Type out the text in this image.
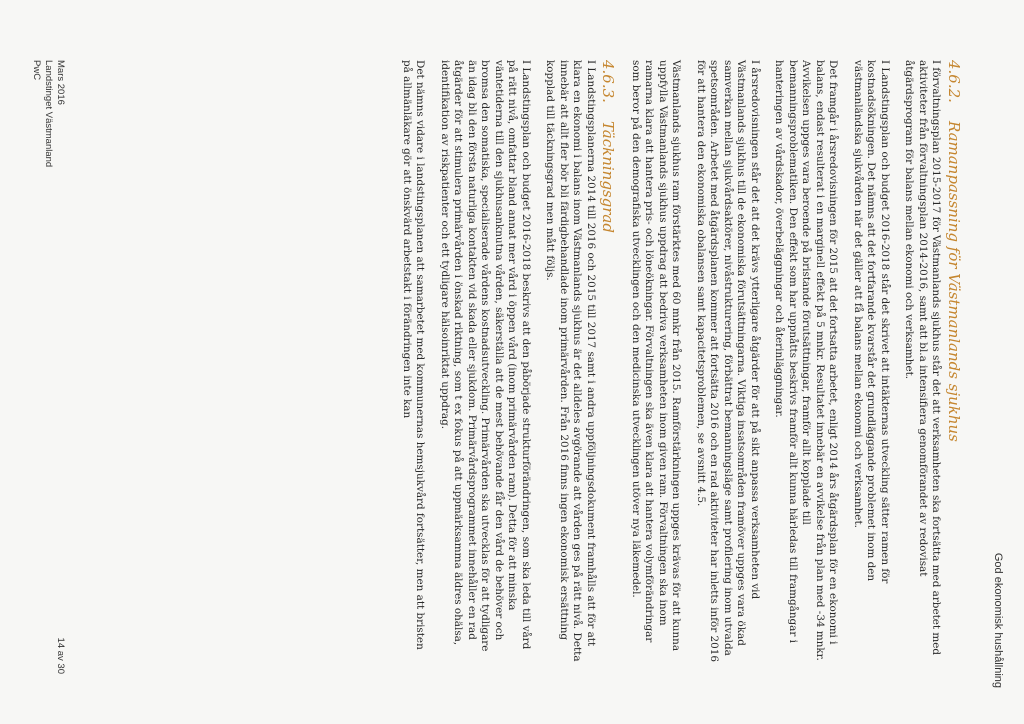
God ekonomisk hushållning
4.6.2.Ramanpassning för Västmanlands sjukhus

I förvaltningsplan 2015-2017 för Västmanlands sjukhus står det att verksamheten ska fortsätta med arbetet med aktiviteter från förvaltningsplan 2014-2016, samt att bl.a intensifiera genomförandet av redovisat åtgärdsprogram för balans mellan ekonomi och verksamhet.

I Landstingsplan och budget 2016-2018 står det skrivet att intäkternas utveckling sätter ramen för kostnadsökningen. Det nämns att det fortfarande kvarstår det grundläggande problemet inom den västmanländska sjukvården när det gäller att få balans mellan ekonomi och verksamhet.

Det framgår i årsredovisningen för 2015 att det fortsatta arbetet, enligt 2014 års åtgärdsplan för en ekonomi i balans, endast resulterat i en marginell effekt på 5 mnkr. Resultatet innebär en avvikelse från plan med -34 mnkr. Avvikelsen uppges vara beroende på bristande förutsättningar, framför allt kopplade till bemanningsproblematiken. Den effekt som har uppnåtts beskrivs framför allt kunna härledas till framgångar i hanteringen av vårdskador, överbeläggningar och återinläggningar.

I årsredovisningen står det att det krävs ytterligare åtgärder för att på sikt anpassa verksamheten vid Västmanlands sjukhus till de ekonomiska förutsättningarna. Viktiga insatsområden framöver uppges vara ökad samverkan mellan sjukvårdsaktörer, nivåstrukturering, förbättrat bemanningsläge samt profilering inom utvalda spetsområden. Arbetet med åtgärdsplanen kommer att fortsätta 2016 och en rad aktiviteter har inletts inför 2016 för att hantera den ekonomiska obalansen samt kapacitetsproblemen, se avsnitt 4.5.

Västmanlands sjukhus ram förstärktes med 60 mnkr från 2015. Ramförstärkningen uppges krävas för att kunna uppfylla Västmanlands sjukhus uppdrag att bedriva verksamheten inom given ram. Förvaltningen ska inom ramarna klara att hantera pris- och löneökningar. Förvaltningen ska även klara att hantera volymförändringar som beror på den demografiska utvecklingen och den medicinska utvecklingen utöver nya läkemedel.

4.6.3.Täckningsgrad

I Landstingsplanerna 2014 till 2016 och 2015 till 2017 samt i andra uppföljningsdokument framhålls att för att klara en ekonomi i balans inom Västmanlands sjukhus är det alldeles avgörande att vården ges på rätt nivå. Detta innebär att allt fler bör bli färdigbehandlade inom primärvården. Från 2016 finns ingen ekonomisk ersättning kopplad till täckningsgrad men mått följs.

I Landstingsplan och budget 2016-2018 beskrivs att den påbörjade strukturförändringen, som ska leda till vård på rätt nivå, omfattar bland annat mer vård i öppen vård (inom primärvården ram). Detta för att minska väntetiderna till den sjukhusanknutna vården, säkerställa att de mest behövande får den vård de behöver och bromsa den somatiska, specialiserade vårdens kostnadsutveckling. Primärvården ska utvecklas för att tydligare än idag bli den första naturliga kontakten vid skada eller sjukdom. Primärvårdsprogrammet innehåller en rad åtgärder för att stimulera primärvården i önskad riktning, som t ex fokus på att uppmärksamma äldres ohälsa, identifikation av riskpatienter och ett tydligare hälsoinriktat uppdrag.

Det nämns vidare i landstingsplanen att samarbetet med kommunernas hemsjukvård fortsätter, men att bristen på allmänläkare gör att önskvärd arbetstakt i förändringen inte kan

Mars 2016
Landstinget Västmanland
PwC
14 av 30
